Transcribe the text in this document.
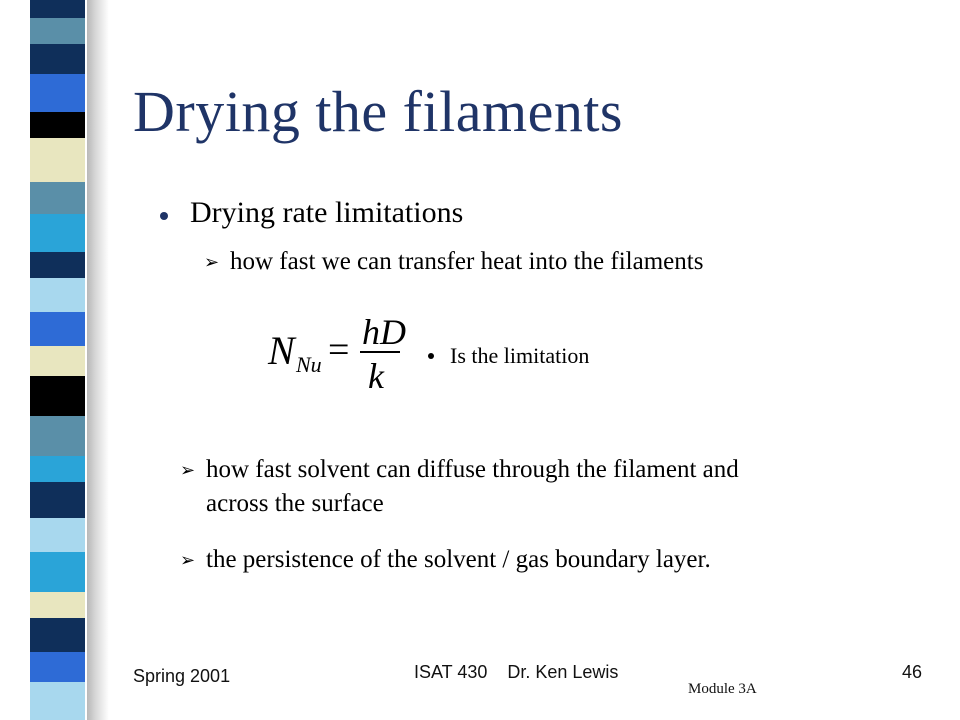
Drying the filaments
Drying rate limitations
➢ how fast we can transfer heat into the filaments
N Nu = hD
k
Is the limitation
➢ how fast solvent can diffuse through the filament and
across the surface
➢ the persistence of the solvent / gas boundary layer.
Spring 2001	ISAT 430    Dr. Ken Lewis
Module 3A
46
